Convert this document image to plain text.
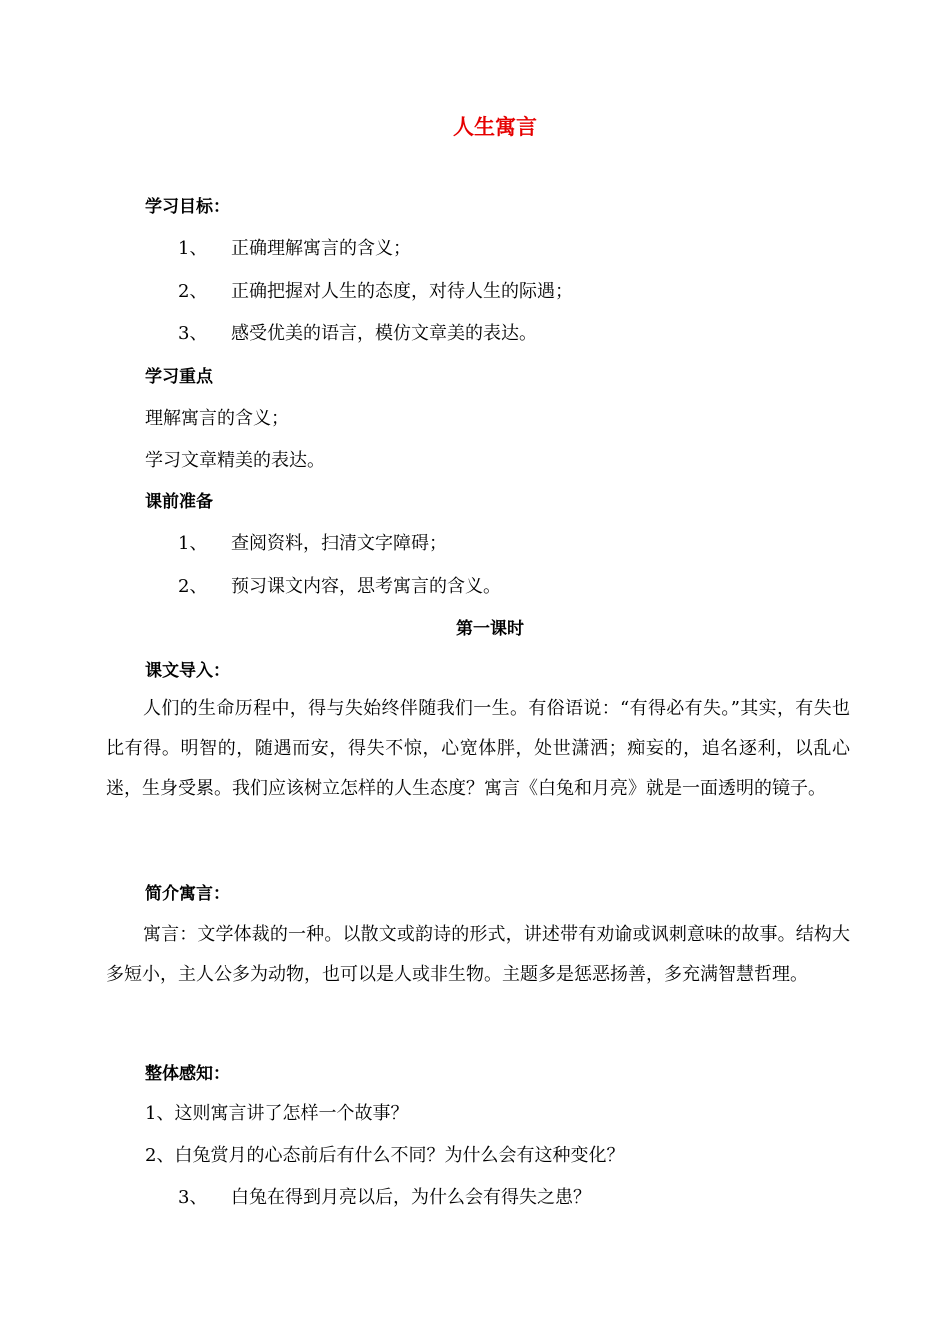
人生寓言
学习目标：
1、	正确理解寓言的含义；
2、	正确把握对人生的态度，对待人生的际遇；
3、	感受优美的语言，模仿文章美的表达。
学习重点
理解寓言的含义；
学习文章精美的表达。
课前准备
1、	查阅资料，扫清文字障碍；
2、	预习课文内容，思考寓言的含义。
第一课时
课文导入：

人们的生命历程中，得与失始终伴随我们一生。有俗语说：“有得必有失。”其实，有失也比有得。明智的，随遇而安，得失不惊，心宽体胖，处世潇洒；痴妄的，追名逐利，以乱心迷，生身受累。我们应该树立怎样的人生态度？寓言《白兔和月亮》就是一面透明的镜子。

简介寓言：

寓言：文学体裁的一种。以散文或韵诗的形式，讲述带有劝谕或讽刺意味的故事。结构大多短小，主人公多为动物，也可以是人或非生物。主题多是惩恶扬善，多充满智慧哲理。

整体感知：
1、这则寓言讲了怎样一个故事？
2、白兔赏月的心态前后有什么不同？为什么会有这种变化？
3、	白兔在得到月亮以后，为什么会有得失之患？
